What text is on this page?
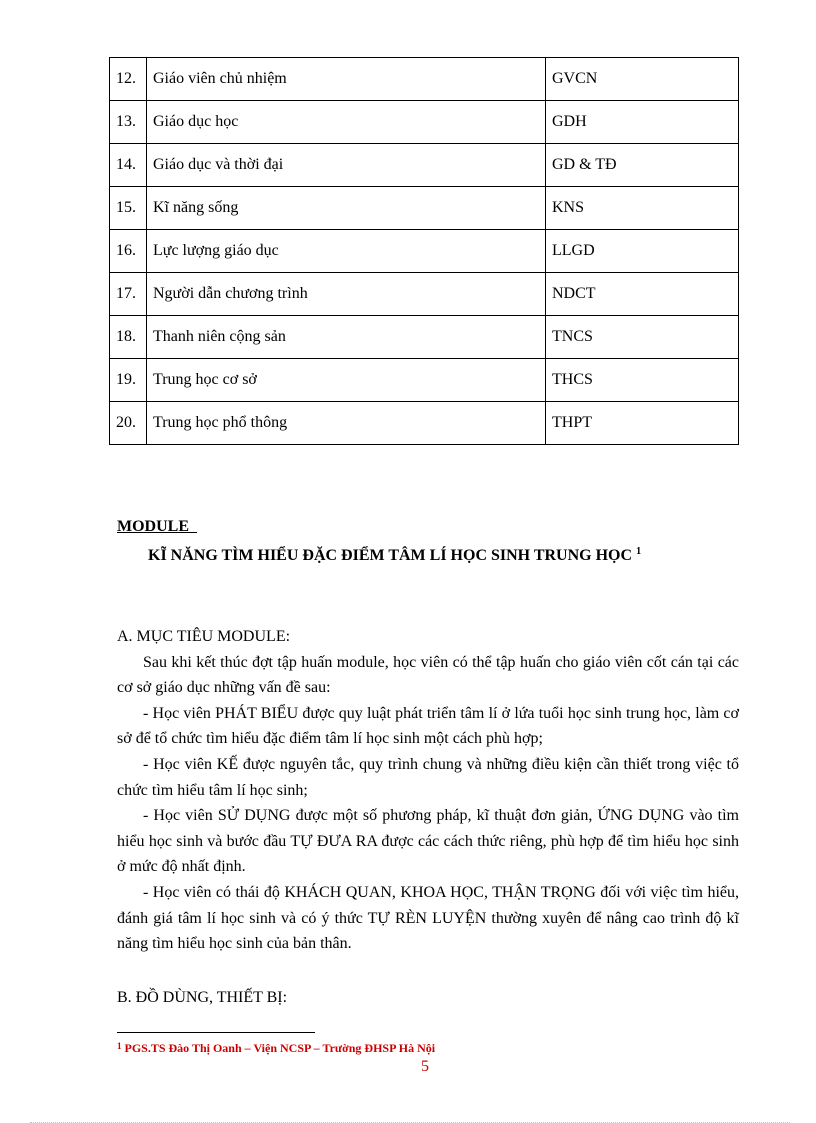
12.	Giáo viên chủ nhiệm	GVCN
13.	Giáo dục học	GDH
14.	Giáo dục và thời đại	GD & TĐ
15.	Kĩ năng sống	KNS
16.	Lực lượng giáo dục	LLGD
17.	Người dẫn chương trình	NDCT
18.	Thanh niên cộng sản	TNCS
19.	Trung học cơ sở	THCS
20.	Trung học phổ thông	THPT
MODULE
KĨ NĂNG TÌM HIỂU ĐẶC ĐIỂM TÂM LÍ HỌC SINH TRUNG HỌC $^1$

A. MỤC TIÊU MODULE:

Sau khi kết thúc đợt tập huấn module, học viên có thể tập huấn cho giáo viên cốt cán tại các cơ sở giáo dục những vấn đề sau:

- Học viên PHÁT BIỂU được quy luật phát triển tâm lí ở lứa tuổi học sinh trung học, làm cơ sở để tổ chức tìm hiểu đặc điểm tâm lí học sinh một cách phù hợp;

- Học viên KẾ được nguyên tắc, quy trình chung và những điều kiện cần thiết trong việc tổ chức tìm hiểu tâm lí học sinh;

- Học viên SỬ DỤNG được một số phương pháp, kĩ thuật đơn giản, ỨNG DỤNG vào tìm hiểu học sinh và bước đầu TỰ ĐƯA RA được các cách thức riêng, phù hợp để tìm hiểu học sinh ở mức độ nhất định.

- Học viên có thái độ KHÁCH QUAN, KHOA HỌC, THẬN TRỌNG đối với việc tìm hiểu, đánh giá tâm lí học sinh và có ý thức TỰ RÈN LUYỆN thường xuyên để nâng cao trình độ kĩ năng tìm hiểu học sinh của bản thân.

B. ĐỒ DÙNG, THIẾT BỊ:
$^1$ PGS.TS Đào Thị Oanh – Viện NCSP – Trường ĐHSP Hà Nội
5
